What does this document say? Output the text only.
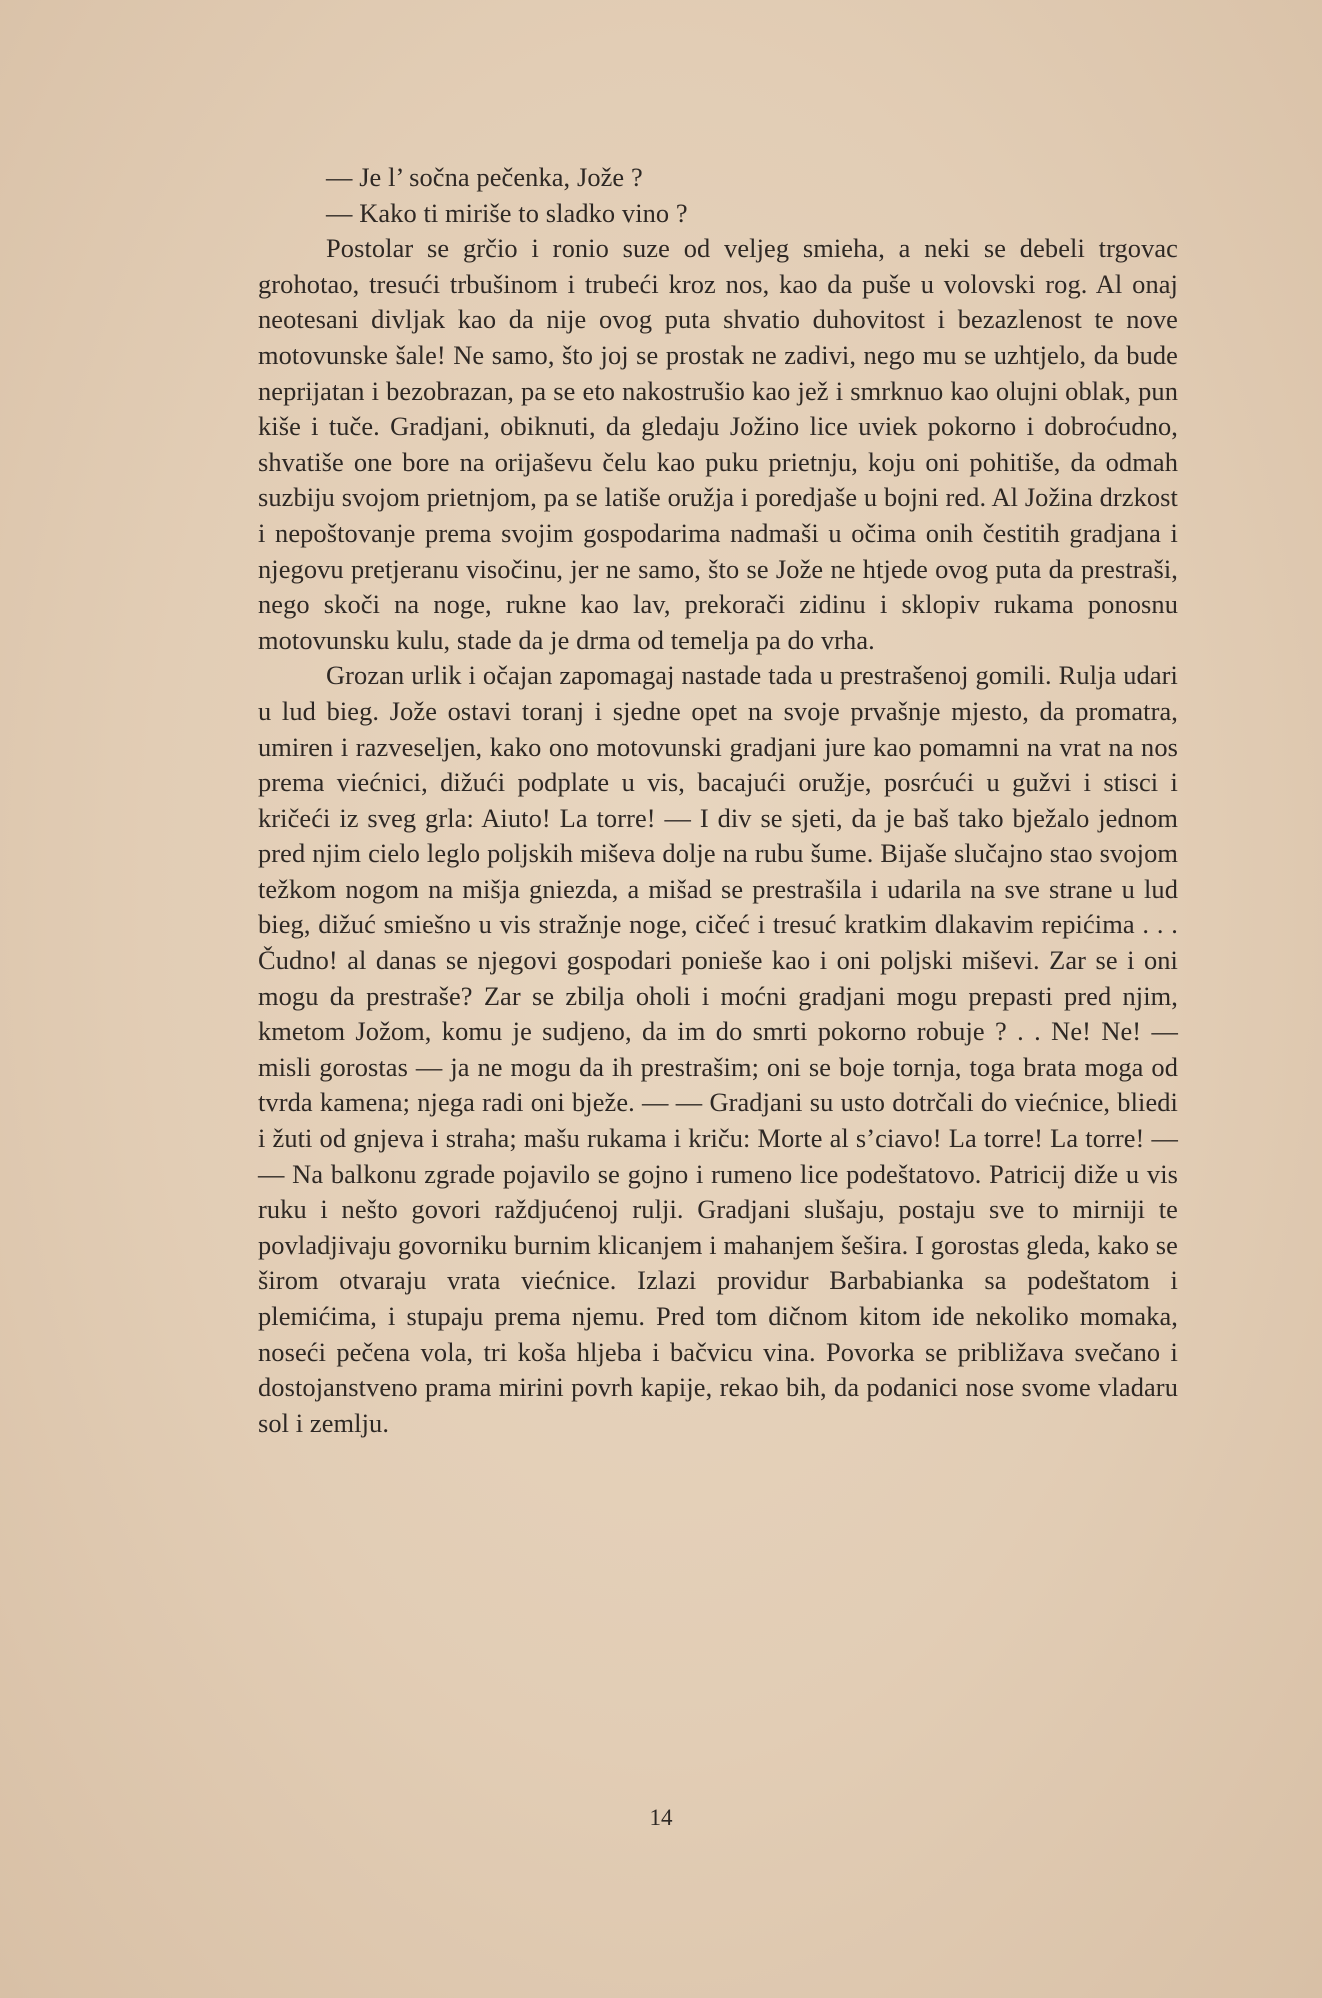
— Je l’ sočna pečenka, Jože ?

— Kako ti miriše to sladko vino ?

Postolar se grčio i ronio suze od veljeg smieha, a neki se debeli trgovac grohotao, tresući trbušinom i trubeći kroz nos, kao da puše u volovski rog. Al onaj neotesani divljak kao da nije ovog puta shvatio duhovitost i bezazlenost te nove motovunske šale! Ne samo, što joj se prostak ne zadivi, nego mu se uzhtjelo, da bude neprijatan i bezobrazan, pa se eto nakostrušio kao jež i smrknuo kao olujni oblak, pun kiše i tuče. Gradjani, obiknuti, da gledaju Jožino lice uviek pokorno i dobroćudno, shvatiše one bore na orijaševu čelu kao puku prietnju, koju oni pohitiše, da odmah suzbiju svojom prietnjom, pa se latiše oružja i poredjaše u bojni red. Al Jožina drzkost i nepoštovanje prema svojim gospodarima nadmaši u očima onih čestitih gradjana i njegovu pretjeranu visočinu, jer ne samo, što se Jože ne htjede ovog puta da prestraši, nego skoči na noge, rukne kao lav, prekorači zidinu i sklopiv rukama ponosnu motovunsku kulu, stade da je drma od temelja pa do vrha.

Grozan urlik i očajan zapomagaj nastade tada u prestrašenoj gomili. Rulja udari u lud bieg. Jože ostavi toranj i sjedne opet na svoje prvašnje mjesto, da promatra, umiren i razveseljen, kako ono motovunski gradjani jure kao pomamni na vrat na nos prema viećnici, dižući podplate u vis, bacajući oružje, posrćući u gužvi i stisci i kričeći iz sveg grla: Aiuto! La torre! — I div se sjeti, da je baš tako bježalo jednom pred njim cielo leglo poljskih miševa dolje na rubu šume. Bijaše slučajno stao svojom težkom nogom na mišja gniezda, a mišad se prestrašila i udarila na sve strane u lud bieg, dižuć smiešno u vis stražnje noge, cičeć i tresuć kratkim dlakavim repićima . . . Čudno! al danas se njegovi gospodari ponieše kao i oni poljski miševi. Zar se i oni mogu da prestraše? Zar se zbilja oholi i moćni gradjani mogu prepasti pred njim, kmetom Jožom, komu je sudjeno, da im do smrti pokorno robuje ? . . Ne! Ne! — misli gorostas — ja ne mogu da ih prestrašim; oni se boje tornja, toga brata moga od tvrda kamena; njega radi oni bježe. — — Gradjani su usto dotrčali do viećnice, bliedi i žuti od gnjeva i straha; mašu rukama i kriču: Morte al s’ciavo! La torre! La torre! — — Na balkonu zgrade pojavilo se gojno i rumeno lice podeštatovo. Patricij diže u vis ruku i nešto govori raždjućenoj rulji. Gradjani slušaju, postaju sve to mirniji te povladjivaju govorniku burnim klicanjem i mahanjem šešira. I gorostas gleda, kako se širom otvaraju vrata viećnice. Izlazi providur Barbabianka sa podeštatom i plemićima, i stupaju prema njemu. Pred tom dičnom kitom ide nekoliko momaka, noseći pečena vola, tri koša hljeba i bačvicu vina. Povorka se približava svečano i dostojanstveno prama mirini povrh kapije, rekao bih, da podanici nose svome vladaru sol i zemlju.

14
